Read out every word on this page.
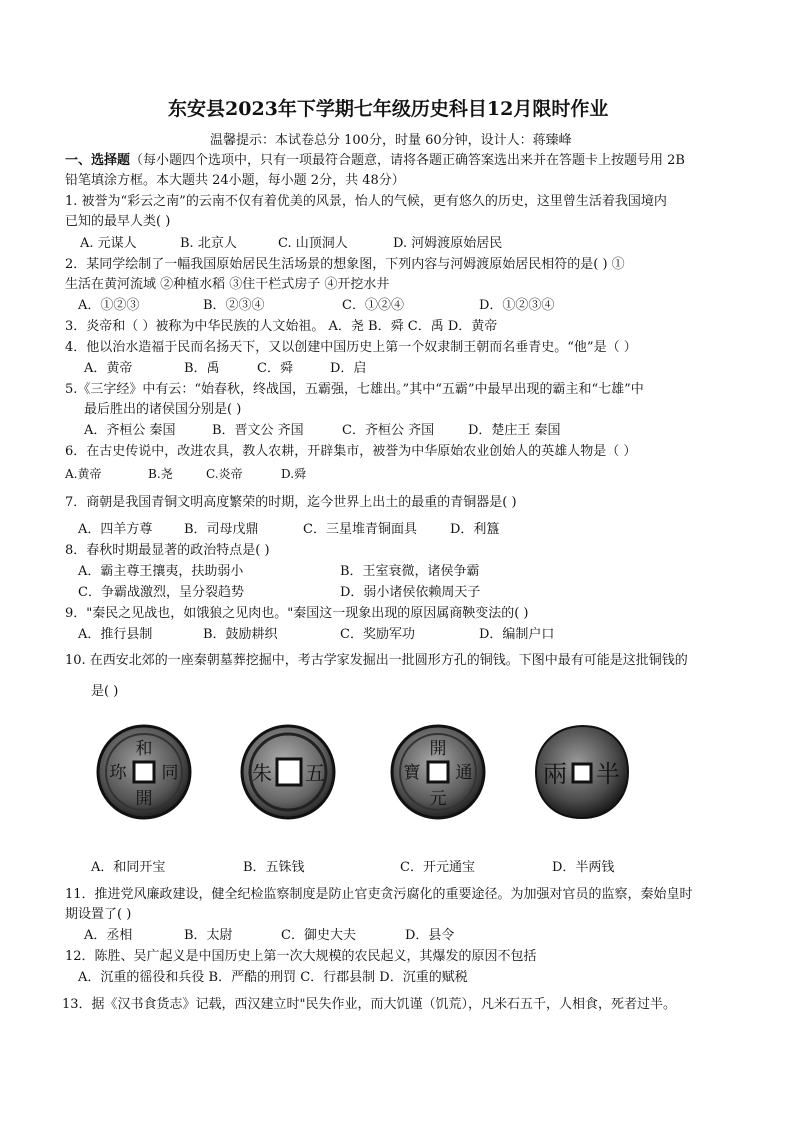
东安县2023年下学期七年级历史科目12月限时作业
温馨提示：本试卷总分 100分，时量 60分钟，设计人：蒋臻峰
一、选择题（每小题四个选项中，只有一项最符合题意，请将各题正确答案选出来并在答题卡上按题号用 2B
铅笔填涂方框。本大题共 24小题，每小题 2分，共 48分）
1. 被誉为“彩云之南”的云南不仅有着优美的风景，怡人的气候，更有悠久的历史，这里曾生活着我国境内
已知的最早人类( )
A. 元谋人	B. 北京人	C. 山顶洞人	D. 河姆渡原始居民
2．某同学绘制了一幅我国原始居民生活场景的想象图，下列内容与河姆渡原始居民相符的是( ) ①
生活在黄河流域 ②种植水稻 ③住干栏式房子 ④开挖水井
A．①②③	B．②③④	C．①②④	D．①②③④
3．炎帝和（ ）被称为中华民族的人文始祖。 A．尧 B．舜 C．禹 D．黄帝
4．他以治水造福于民而名扬天下，又以创建中国历史上第一个奴隶制王朝而名垂青史。“他”是（ ）
A．黄帝	B．禹	C．舜	D．启
5.《三字经》中有云：“始春秋，终战国，五霸强，七雄出。”其中“五霸”中最早出现的霸主和“七雄”中
最后胜出的诸侯国分别是( )
A．齐桓公 秦国	B．晋文公 齐国	C．齐桓公 齐国	D．楚庄王 秦国
6．在古史传说中，改进农具，教人农耕，开辟集市，被誉为中华原始农业创始人的英雄人物是（ ）
A.黄帝	B.尧	C.炎帝	D.舜
7．商朝是我国青铜文明高度繁荣的时期，迄今世界上出土的最重的青铜器是( )
A．四羊方尊 B．司母戊鼎	C．三星堆青铜面具	D．利簋
8．春秋时期最显著的政治特点是( )
A．霸主尊王攘夷，扶助弱小	B．王室衰微，诸侯争霸
C．争霸战激烈，呈分裂趋势	D．弱小诸侯依赖周天子
9．"秦民之见战也，如饿狼之见肉也。"秦国这一现象出现的原因属商鞅变法的( )
A．推行县制	B．鼓励耕织	C．奖励军功	D．编制户口
10. 在西安北郊的一座秦朝墓葬挖掘中，考古学家发掘出一批圆形方孔的铜钱。下图中最有可能是这批铜钱的
是( )
和
開
同
珎	朱 五
開
元
通
寶	半
兩
A．和同开宝	B．五铢钱	C．开元通宝	D．半两钱
11．推进党风廉政建设，健全纪检监察制度是防止官吏贪污腐化的重要途径。为加强对官员的监察，秦始皇时
期设置了( )
A．丞相	B．太尉	C．御史大夫	D．县令
12．陈胜、吴广起义是中国历史上第一次大规模的农民起义，其爆发的原因不包括
A．沉重的徭役和兵役 B．严酷的刑罚 C．行郡县制 D．沉重的赋税
13．据《汉书食货志》记载，西汉建立时"民失作业，而大饥谨（饥荒），凡米石五千，人相食，死者过半。
